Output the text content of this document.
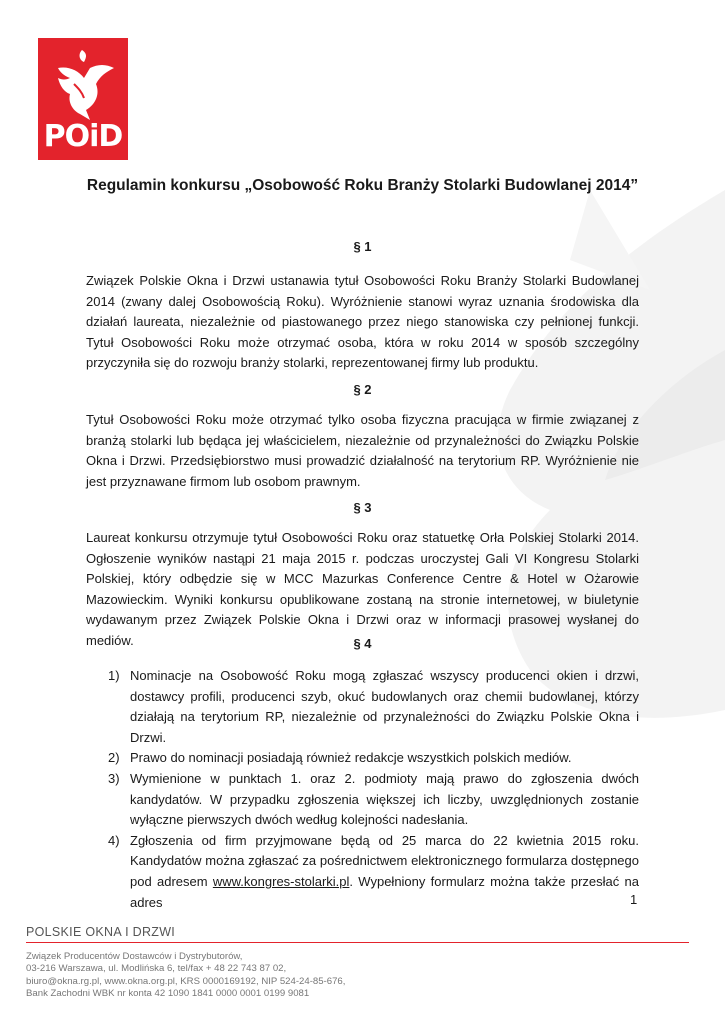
POiD
Regulamin konkursu „Osobowość Roku Branży Stolarki Budowlanej 2014”
§ 1

Związek Polskie Okna i Drzwi ustanawia tytuł Osobowości Roku Branży Stolarki Budowlanej 2014 (zwany dalej Osobowością Roku). Wyróżnienie stanowi wyraz uznania środowiska dla działań laureata, niezależnie od piastowanego przez niego stanowiska czy pełnionej funkcji. Tytuł Osobowości Roku może otrzymać osoba, która w roku 2014 w sposób szczególny przyczyniła się do rozwoju branży stolarki, reprezentowanej firmy lub produktu.

§ 2

Tytuł Osobowości Roku może otrzymać tylko osoba fizyczna pracująca w firmie związanej z branżą stolarki lub będąca jej właścicielem, niezależnie od przynależności do Związku Polskie Okna i Drzwi. Przedsiębiorstwo musi prowadzić działalność na terytorium RP. Wyróżnienie nie jest przyznawane firmom lub osobom prawnym.

§ 3

Laureat konkursu otrzymuje tytuł Osobowości Roku oraz statuetkę Orła Polskiej Stolarki 2014. Ogłoszenie wyników nastąpi 21 maja 2015 r. podczas uroczystej Gali VI Kongresu Stolarki Polskiej, który odbędzie się w MCC Mazurkas Conference Centre & Hotel w Ożarowie Mazowieckim. Wyniki konkursu opublikowane zostaną na stronie internetowej, w biuletynie wydawanym przez Związek Polskie Okna i Drzwi oraz w informacji prasowej wysłanej do mediów.	§ 4
1) Nominacje na Osobowość Roku mogą zgłaszać wszyscy producenci okien i drzwi, dostawcy profili, producenci szyb, okuć budowlanych oraz chemii budowlanej, którzy działają na terytorium RP, niezależnie od przynależności do Związku Polskie Okna i Drzwi.
2) Prawo do nominacji posiadają również redakcje wszystkich polskich mediów.
3) Wymienione w punktach 1. oraz 2. podmioty mają prawo do zgłoszenia dwóch kandydatów. W przypadku zgłoszenia większej ich liczby, uwzględnionych zostanie wyłączne pierwszych dwóch według kolejności nadesłania.
4) Zgłoszenia od firm przyjmowane będą od 25 marca do 22 kwietnia 2015 roku. Kandydatów można zgłaszać za pośrednictwem elektronicznego formularza dostępnego pod adresem www.kongres-stolarki.pl. Wypełniony formularz można także przesłać na adres	1
POLSKIE OKNA I DRZWI
Związek Producentów Dostawców i Dystrybutorów,
03-216 Warszawa, ul. Modlińska 6, tel/fax + 48 22 743 87 02,
biuro@okna.rg.pl, www.okna.org.pl, KRS 0000169192, NIP 524-24-85-676,
Bank Zachodni WBK nr konta 42 1090 1841 0000 0001 0199 9081
